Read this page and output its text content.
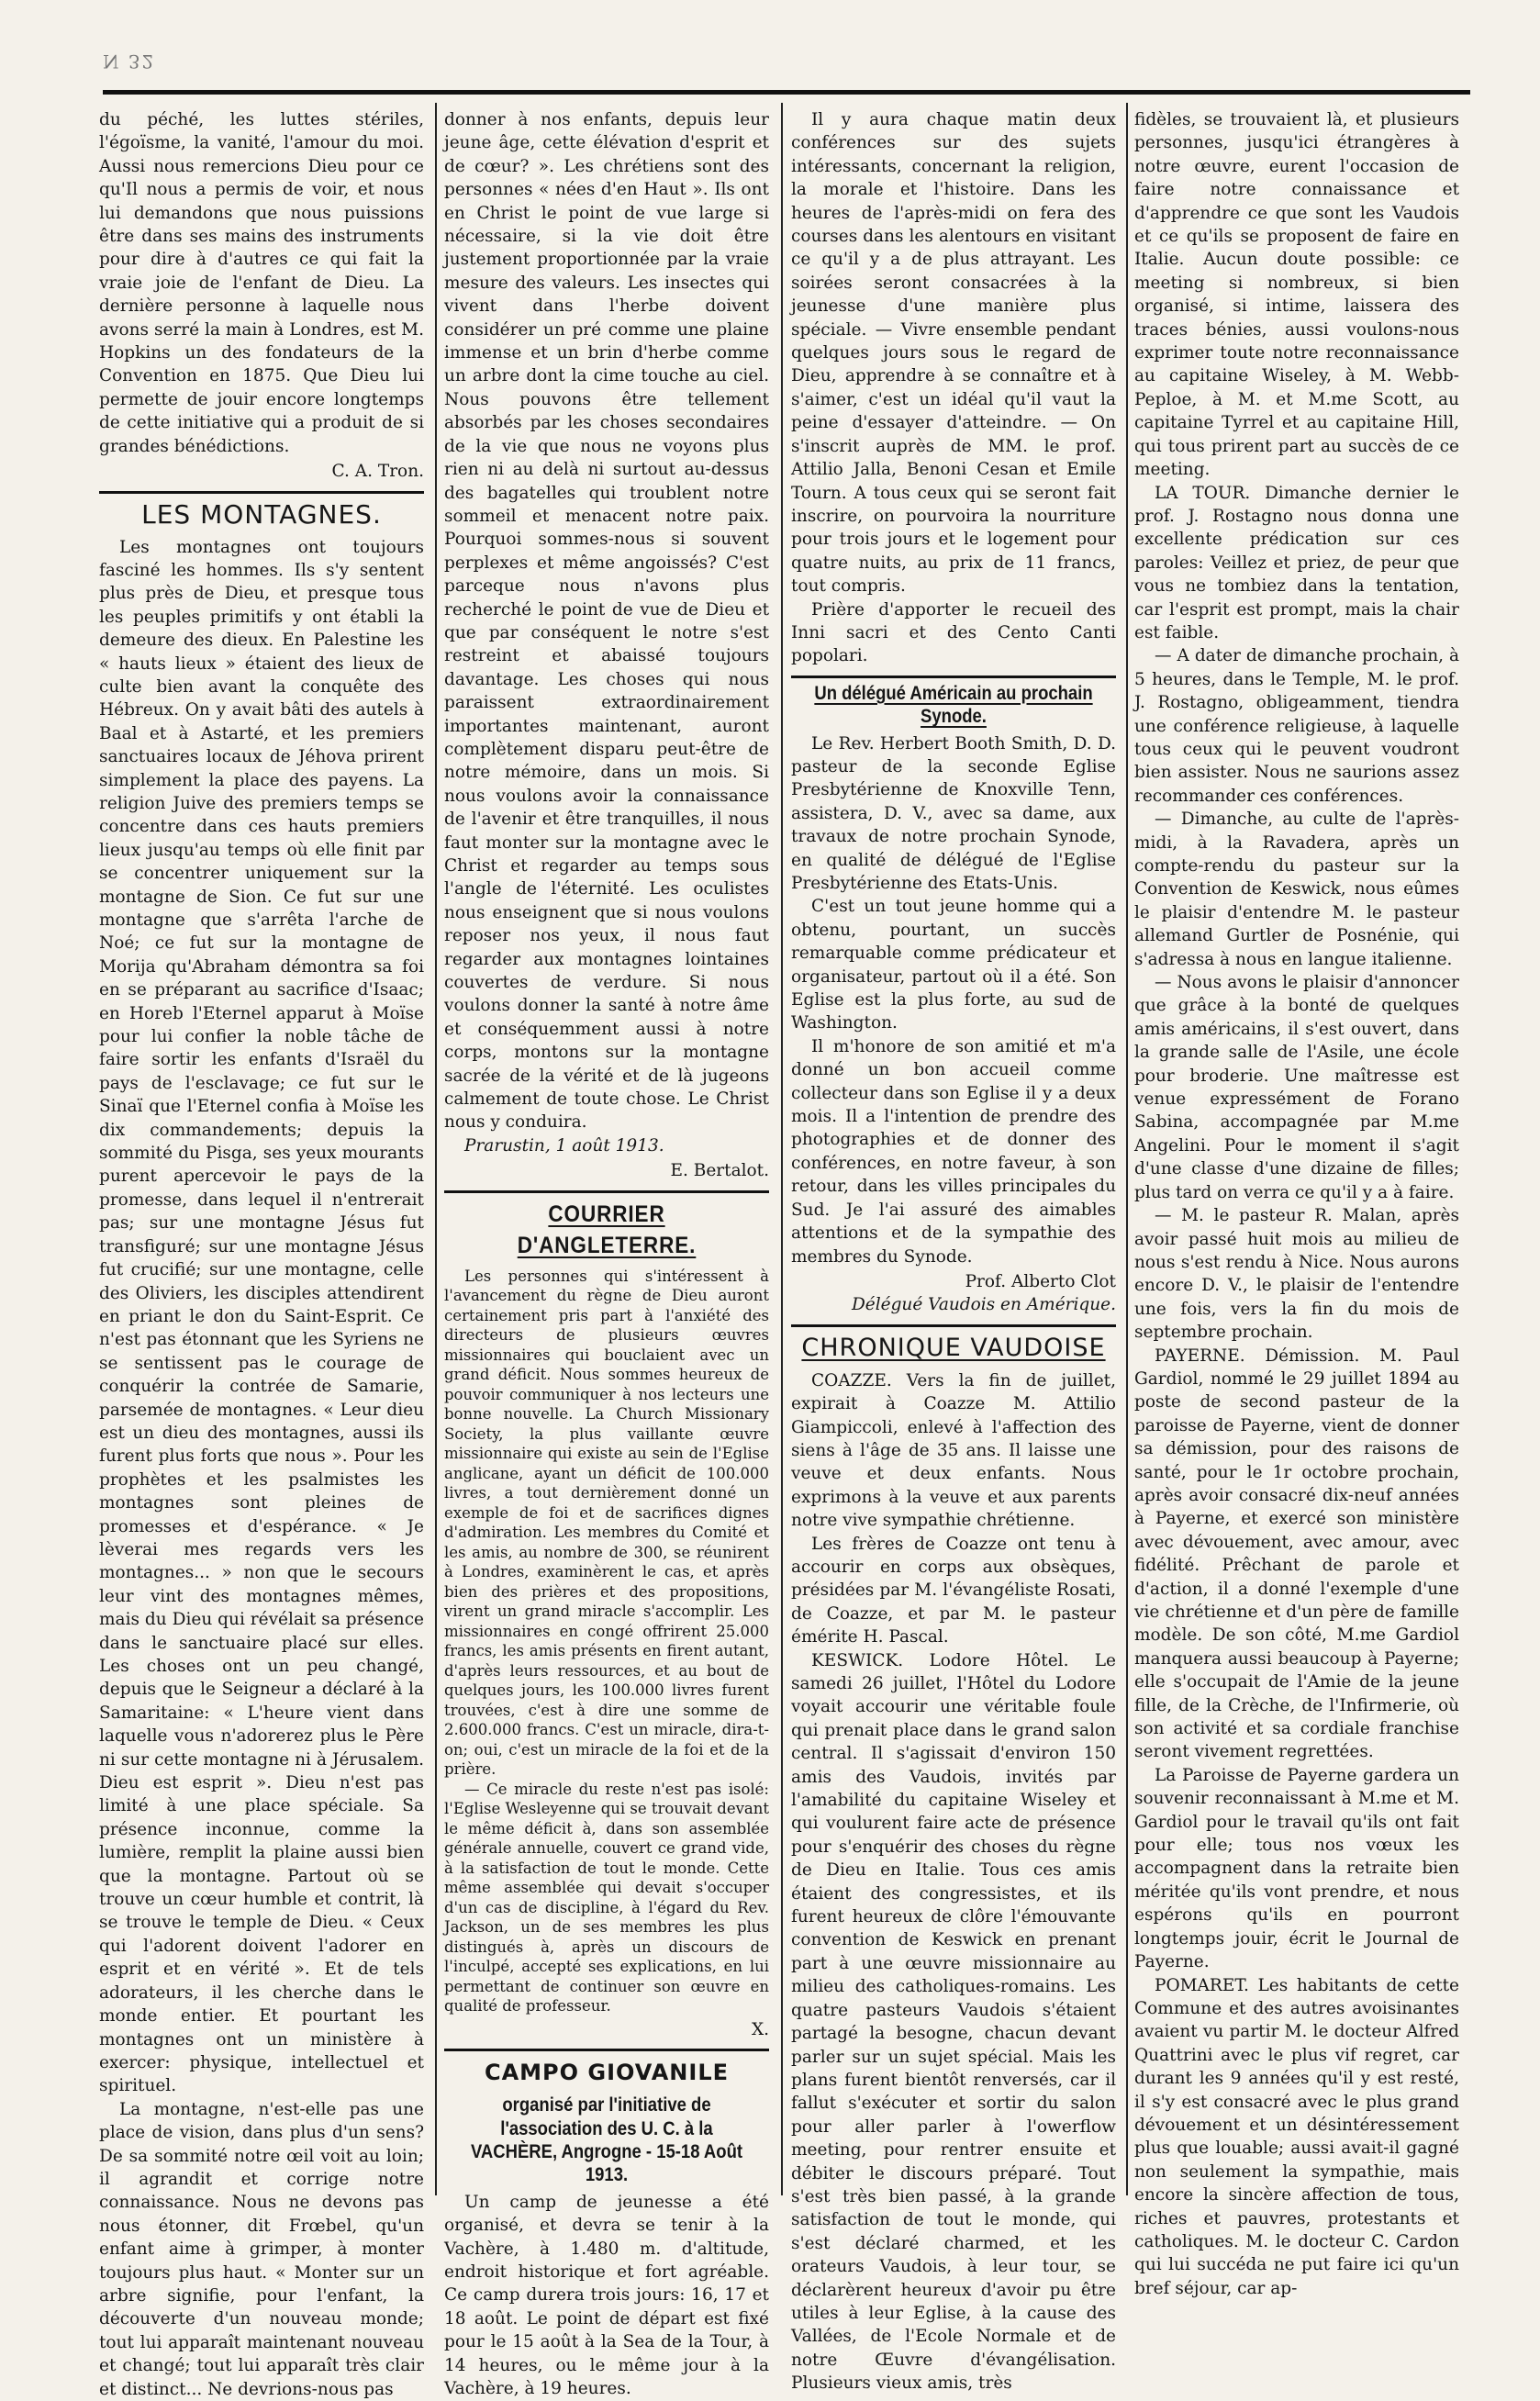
N 32

du péché, les luttes stériles, l'égoïsme, la vanité, l'amour du moi. Aussi nous remercions Dieu pour ce qu'Il nous a permis de voir, et nous lui demandons que nous puissions être dans ses mains des instruments pour dire à d'autres ce qui fait la vraie joie de l'enfant de Dieu. La dernière personne à laquelle nous avons serré la main à Londres, est M. Hopkins un des fondateurs de la Convention en 1875. Que Dieu lui permette de jouir encore longtemps de cette initiative qui a produit de si grandes bénédictions.

C. A. Tron.

LES MONTAGNES.

Les montagnes ont toujours fasciné les hommes. Ils s'y sentent plus près de Dieu, et presque tous les peuples primitifs y ont établi la demeure des dieux. En Palestine les « hauts lieux » étaient des lieux de culte bien avant la conquête des Hébreux. On y avait bâti des autels à Baal et à Astarté, et les premiers sanctuaires locaux de Jéhova prirent simplement la place des payens. La religion Juive des premiers temps se concentre dans ces hauts premiers lieux jusqu'au temps où elle finit par se concentrer uniquement sur la montagne de Sion. Ce fut sur une montagne que s'arrêta l'arche de Noé; ce fut sur la montagne de Morija qu'Abraham démontra sa foi en se préparant au sacrifice d'Isaac; en Horeb l'Eternel apparut à Moïse pour lui confier la noble tâche de faire sortir les enfants d'Israël du pays de l'esclavage; ce fut sur le Sinaï que l'Eternel confia à Moïse les dix commandements; depuis la sommité du Pisga, ses yeux mourants purent apercevoir le pays de la promesse, dans lequel il n'entrerait pas; sur une montagne Jésus fut transfiguré; sur une montagne Jésus fut crucifié; sur une montagne, celle des Oliviers, les disciples attendirent en priant le don du Saint-Esprit. Ce n'est pas étonnant que les Syriens ne se sentissent pas le courage de conquérir la contrée de Samarie, parsemée de montagnes. « Leur dieu est un dieu des montagnes, aussi ils furent plus forts que nous ». Pour les prophètes et les psalmistes les montagnes sont pleines de promesses et d'espérance. « Je lèverai mes regards vers les montagnes... » non que le secours leur vint des montagnes mêmes, mais du Dieu qui révélait sa présence dans le sanctuaire placé sur elles. Les choses ont un peu changé, depuis que le Seigneur a déclaré à la Samaritaine: « L'heure vient dans laquelle vous n'adorerez plus le Père ni sur cette montagne ni à Jérusalem. Dieu est esprit ». Dieu n'est pas limité à une place spéciale. Sa présence inconnue, comme la lumière, remplit la plaine aussi bien que la montagne. Partout où se trouve un cœur humble et contrit, là se trouve le temple de Dieu. « Ceux qui l'adorent doivent l'adorer en esprit et en vérité ». Et de tels adorateurs, il les cherche dans le monde entier. Et pourtant les montagnes ont un ministère à exercer: physique, intellectuel et spirituel.

La montagne, n'est-elle pas une place de vision, dans plus d'un sens? De sa sommité notre œil voit au loin; il agrandit et corrige notre connaissance. Nous ne devons pas nous étonner, dit Frœbel, qu'un enfant aime à grimper, à monter toujours plus haut. « Monter sur un arbre signifie, pour l'enfant, la découverte d'un nouveau monde; tout lui apparaît maintenant nouveau et changé; tout lui apparaît très clair et distinct... Ne devrions-nous pas

donner à nos enfants, depuis leur jeune âge, cette élévation d'esprit et de cœur? ». Les chrétiens sont des personnes « nées d'en Haut ». Ils ont en Christ le point de vue large si nécessaire, si la vie doit être justement proportionnée par la vraie mesure des valeurs. Les insectes qui vivent dans l'herbe doivent considérer un pré comme une plaine immense et un brin d'herbe comme un arbre dont la cime touche au ciel. Nous pouvons être tellement absorbés par les choses secondaires de la vie que nous ne voyons plus rien ni au delà ni surtout au-dessus des bagatelles qui troublent notre sommeil et menacent notre paix. Pourquoi sommes-nous si souvent perplexes et même angoissés? C'est parceque nous n'avons plus recherché le point de vue de Dieu et que par conséquent le notre s'est restreint et abaissé toujours davantage. Les choses qui nous paraissent extraordinairement importantes maintenant, auront complètement disparu peut-être de notre mémoire, dans un mois. Si nous voulons avoir la connaissance de l'avenir et être tranquilles, il nous faut monter sur la montagne avec le Christ et regarder au temps sous l'angle de l'éternité. Les oculistes nous enseignent que si nous voulons reposer nos yeux, il nous faut regarder aux montagnes lointaines couvertes de verdure. Si nous voulons donner la santé à notre âme et conséquemment aussi à notre corps, montons sur la montagne sacrée de la vérité et de là jugeons calmement de toute chose. Le Christ nous y conduira.

Prarustin, 1 août 1913.

E. Bertalot.

COURRIER D'ANGLETERRE.

Les personnes qui s'intéressent à l'avancement du règne de Dieu auront certainement pris part à l'anxiété des directeurs de plusieurs œuvres missionnaires qui bouclaient avec un grand déficit. Nous sommes heureux de pouvoir communiquer à nos lecteurs une bonne nouvelle. La Church Missionary Society, la plus vaillante œuvre missionnaire qui existe au sein de l'Eglise anglicane, ayant un déficit de 100.000 livres, a tout dernièrement donné un exemple de foi et de sacrifices dignes d'admiration. Les membres du Comité et les amis, au nombre de 300, se réunirent à Londres, examinèrent le cas, et après bien des prières et des propositions, virent un grand miracle s'accomplir. Les missionnaires en congé offrirent 25.000 francs, les amis présents en firent autant, d'après leurs ressources, et au bout de quelques jours, les 100.000 livres furent trouvées, c'est à dire une somme de 2.600.000 francs. C'est un miracle, dira-t-on; oui, c'est un miracle de la foi et de la prière.

— Ce miracle du reste n'est pas isolé: l'Eglise Wesleyenne qui se trouvait devant le même déficit à, dans son assemblée générale annuelle, couvert ce grand vide, à la satisfaction de tout le monde. Cette même assemblée qui devait s'occuper d'un cas de discipline, à l'égard du Rev. Jackson, un de ses membres les plus distingués à, après un discours de l'inculpé, accepté ses explications, en lui permettant de continuer son œuvre en qualité de professeur.

X.

CAMPO GIOVANILE
organisé par l'initiative de l'association des U. C. à la VACHÈRE, Angrogne - 15-18 Août 1913.

Un camp de jeunesse a été organisé, et devra se tenir à la Vachère, à 1.480 m. d'altitude, endroit historique et fort agréable. Ce camp durera trois jours: 16, 17 et 18 août. Le point de départ est fixé pour le 15 août à la Sea de la Tour, à 14 heures, ou le même jour à la Vachère, à 19 heures.

Il y aura chaque matin deux conférences sur des sujets intéressants, concernant la religion, la morale et l'histoire. Dans les heures de l'après-midi on fera des courses dans les alentours en visitant ce qu'il y a de plus attrayant. Les soirées seront consacrées à la jeunesse d'une manière plus spéciale. — Vivre ensemble pendant quelques jours sous le regard de Dieu, apprendre à se connaître et à s'aimer, c'est un idéal qu'il vaut la peine d'essayer d'atteindre. — On s'inscrit auprès de MM. le prof. Attilio Jalla, Benoni Cesan et Emile Tourn. A tous ceux qui se seront fait inscrire, on pourvoira la nourriture pour trois jours et le logement pour quatre nuits, au prix de 11 francs, tout compris.

Prière d'apporter le recueil des Inni sacri et des Cento Canti popolari.

Un délégué Américain au prochain Synode.

Le Rev. Herbert Booth Smith, D. D. pasteur de la seconde Eglise Presbytérienne de Knoxville Tenn, assistera, D. V., avec sa dame, aux travaux de notre prochain Synode, en qualité de délégué de l'Eglise Presbytérienne des Etats-Unis.

C'est un tout jeune homme qui a obtenu, pourtant, un succès remarquable comme prédicateur et organisateur, partout où il a été. Son Eglise est la plus forte, au sud de Washington.

Il m'honore de son amitié et m'a donné un bon accueil comme collecteur dans son Eglise il y a deux mois. Il a l'intention de prendre des photographies et de donner des conférences, en notre faveur, à son retour, dans les villes principales du Sud. Je l'ai assuré des aimables attentions et de la sympathie des membres du Synode.

Prof. Alberto Clot

Délégué Vaudois en Amérique.

CHRONIQUE VAUDOISE

COAZZE. Vers la fin de juillet, expirait à Coazze M. Attilio Giampiccoli, enlevé à l'affection des siens à l'âge de 35 ans. Il laisse une veuve et deux enfants. Nous exprimons à la veuve et aux parents notre vive sympathie chrétienne.

Les frères de Coazze ont tenu à accourir en corps aux obsèques, présidées par M. l'évangéliste Rosati, de Coazze, et par M. le pasteur émérite H. Pascal.

KESWICK. Lodore Hôtel. Le samedi 26 juillet, l'Hôtel du Lodore voyait accourir une véritable foule qui prenait place dans le grand salon central. Il s'agissait d'environ 150 amis des Vaudois, invités par l'amabilité du capitaine Wiseley et qui voulurent faire acte de présence pour s'enquérir des choses du règne de Dieu en Italie. Tous ces amis étaient des congressistes, et ils furent heureux de clôre l'émouvante convention de Keswick en prenant part à une œuvre missionnaire au milieu des catholiques-romains. Les quatre pasteurs Vaudois s'étaient partagé la besogne, chacun devant parler sur un sujet spécial. Mais les plans furent bientôt renversés, car il fallut s'exécuter et sortir du salon pour aller parler à l'owerflow meeting, pour rentrer ensuite et débiter le discours préparé. Tout s'est très bien passé, à la grande satisfaction de tout le monde, qui s'est déclaré charmed, et les orateurs Vaudois, à leur tour, se déclarèrent heureux d'avoir pu être utiles à leur Eglise, à la cause des Vallées, de l'Ecole Normale et de notre Œuvre d'évangélisation. Plusieurs vieux amis, très

fidèles, se trouvaient là, et plusieurs personnes, jusqu'ici étrangères à notre œuvre, eurent l'occasion de faire notre connaissance et d'apprendre ce que sont les Vaudois et ce qu'ils se proposent de faire en Italie. Aucun doute possible: ce meeting si nombreux, si bien organisé, si intime, laissera des traces bénies, aussi voulons-nous exprimer toute notre reconnaissance au capitaine Wiseley, à M. Webb-Peploe, à M. et M.me Scott, au capitaine Tyrrel et au capitaine Hill, qui tous prirent part au succès de ce meeting.

LA TOUR. Dimanche dernier le prof. J. Rostagno nous donna une excellente prédication sur ces paroles: Veillez et priez, de peur que vous ne tombiez dans la tentation, car l'esprit est prompt, mais la chair est faible.

— A dater de dimanche prochain, à 5 heures, dans le Temple, M. le prof. J. Rostagno, obligeamment, tiendra une conférence religieuse, à laquelle tous ceux qui le peuvent voudront bien assister. Nous ne saurions assez recommander ces conférences.

— Dimanche, au culte de l'après-midi, à la Ravadera, après un compte-rendu du pasteur sur la Convention de Keswick, nous eûmes le plaisir d'entendre M. le pasteur allemand Gurtler de Posnénie, qui s'adressa à nous en langue italienne.

— Nous avons le plaisir d'annoncer que grâce à la bonté de quelques amis américains, il s'est ouvert, dans la grande salle de l'Asile, une école pour broderie. Une maîtresse est venue expressément de Forano Sabina, accompagnée par M.me Angelini. Pour le moment il s'agit d'une classe d'une dizaine de filles; plus tard on verra ce qu'il y a à faire.

— M. le pasteur R. Malan, après avoir passé huit mois au milieu de nous s'est rendu à Nice. Nous aurons encore D. V., le plaisir de l'entendre une fois, vers la fin du mois de septembre prochain.

PAYERNE. Démission. M. Paul Gardiol, nommé le 29 juillet 1894 au poste de second pasteur de la paroisse de Payerne, vient de donner sa démission, pour des raisons de santé, pour le 1r octobre prochain, après avoir consacré dix-neuf années à Payerne, et exercé son ministère avec dévouement, avec amour, avec fidélité. Prêchant de parole et d'action, il a donné l'exemple d'une vie chrétienne et d'un père de famille modèle. De son côté, M.me Gardiol manquera aussi beaucoup à Payerne; elle s'occupait de l'Amie de la jeune fille, de la Crèche, de l'Infirmerie, où son activité et sa cordiale franchise seront vivement regrettées.

La Paroisse de Payerne gardera un souvenir reconnaissant à M.me et M. Gardiol pour le travail qu'ils ont fait pour elle; tous nos vœux les accompagnent dans la retraite bien méritée qu'ils vont prendre, et nous espérons qu'ils en pourront longtemps jouir, écrit le Journal de Payerne.

POMARET. Les habitants de cette Commune et des autres avoisinantes avaient vu partir M. le docteur Alfred Quattrini avec le plus vif regret, car durant les 9 années qu'il y est resté, il s'y est consacré avec le plus grand dévouement et un désintéressement plus que louable; aussi avait-il gagné non seulement la sympathie, mais encore la sincère affection de tous, riches et pauvres, protestants et catholiques. M. le docteur C. Cardon qui lui succéda ne put faire ici qu'un bref séjour, car ap-
